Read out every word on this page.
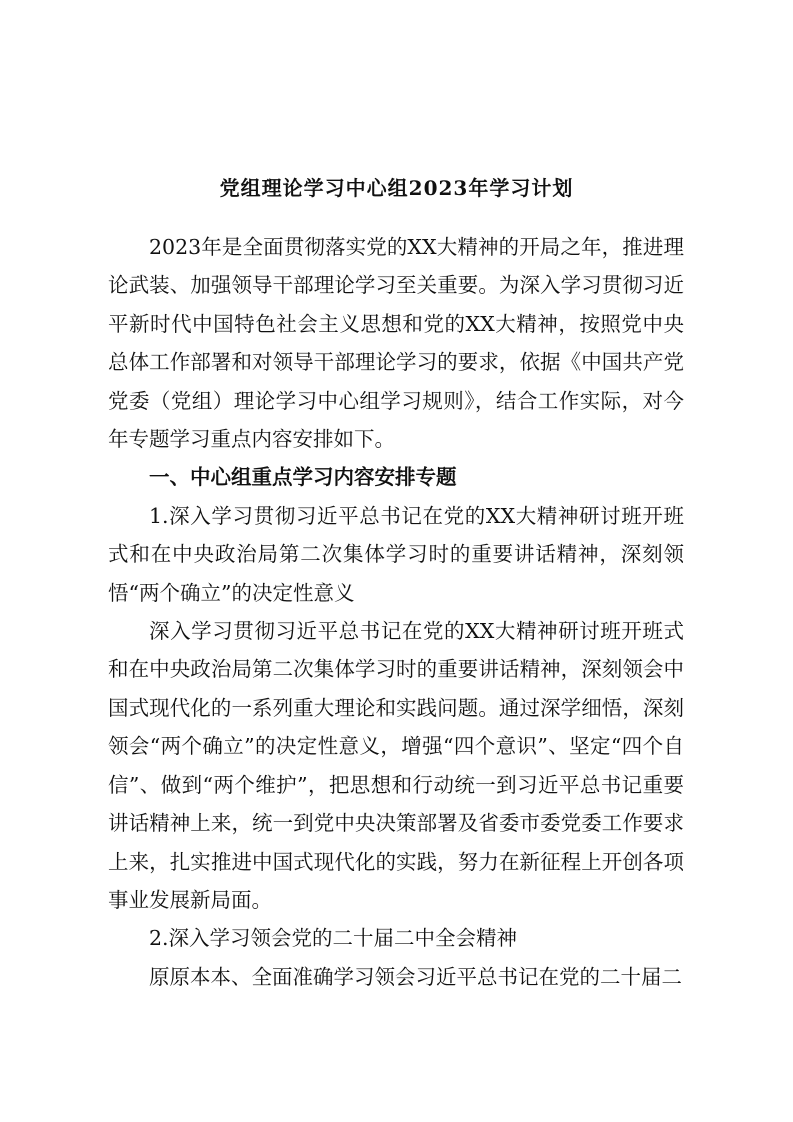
党组理论学习中心组2023年学习计划

2023年是全面贯彻落实党的XX大精神的开局之年，推进理论武装、加强领导干部理论学习至关重要。为深入学习贯彻习近平新时代中国特色社会主义思想和党的XX大精神，按照党中央总体工作部署和对领导干部理论学习的要求，依据《中国共产党党委（党组）理论学习中心组学习规则》，结合工作实际，对今年专题学习重点内容安排如下。

一、中心组重点学习内容安排专题

1.深入学习贯彻习近平总书记在党的XX大精神研讨班开班式和在中央政治局第二次集体学习时的重要讲话精神，深刻领悟“两个确立”的决定性意义

深入学习贯彻习近平总书记在党的XX大精神研讨班开班式和在中央政治局第二次集体学习时的重要讲话精神，深刻领会中国式现代化的一系列重大理论和实践问题。通过深学细悟，深刻领会“两个确立”的决定性意义，增强“四个意识”、坚定“四个自信”、做到“两个维护”，把思想和行动统一到习近平总书记重要讲话精神上来，统一到党中央决策部署及省委市委党委工作要求上来，扎实推进中国式现代化的实践，努力在新征程上开创各项事业发展新局面。

2.深入学习领会党的二十届二中全会精神

原原本本、全面准确学习领会习近平总书记在党的二十届二
